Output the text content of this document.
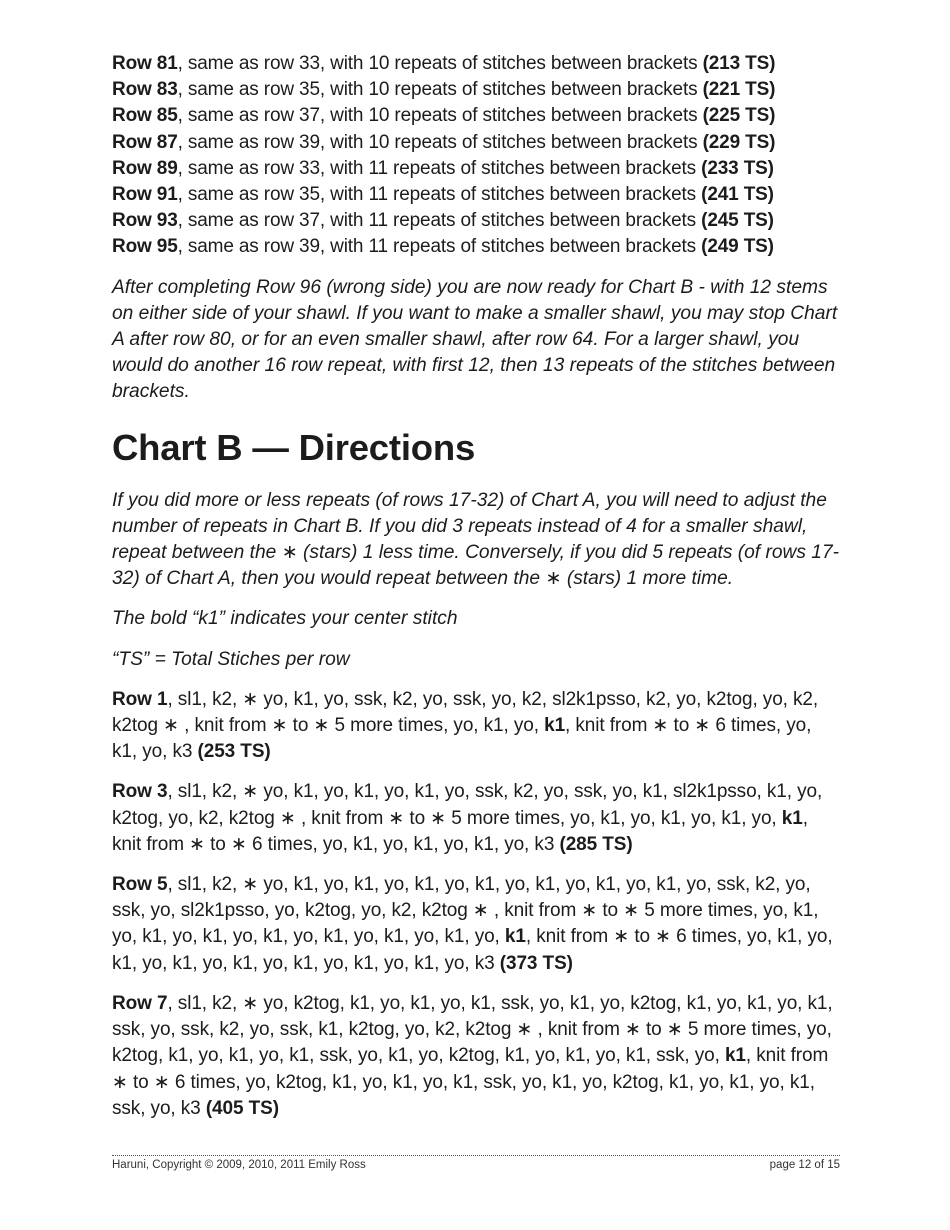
Row 81, same as row 33, with 10 repeats of stitches between brackets (213 TS)
Row 83, same as row 35, with 10 repeats of stitches between brackets (221 TS)
Row 85, same as row 37, with 10 repeats of stitches between brackets (225 TS)
Row 87, same as row 39, with 10 repeats of stitches between brackets (229 TS)
Row 89, same as row 33, with 11 repeats of stitches between brackets (233 TS)
Row 91, same as row 35, with 11 repeats of stitches between brackets (241 TS)
Row 93, same as row 37, with 11 repeats of stitches between brackets (245 TS)
Row 95, same as row 39, with 11 repeats of stitches between brackets (249 TS)

After completing Row 96 (wrong side) you are now ready for Chart B - with 12 stems on either side of your shawl. If you want to make a smaller shawl, you may stop Chart A after row 80, or for an even smaller shawl, after row 64. For a larger shawl, you would do another 16 row repeat, with first 12, then 13 repeats of the stitches between brackets.

Chart B — Directions

If you did more or less repeats (of rows 17-32) of Chart A, you will need to adjust the number of repeats in Chart B. If you did 3 repeats instead of 4 for a smaller shawl, repeat between the ∗ (stars) 1 less time. Conversely, if you did 5 repeats (of rows 17-32) of Chart A, then you would repeat between the ∗ (stars) 1 more time.

The bold “k1” indicates your center stitch

“TS” = Total Stiches per row

Row 1, sl1, k2, ∗ yo, k1, yo, ssk, k2, yo, ssk, yo, k2, sl2k1psso, k2, yo, k2tog, yo, k2, k2tog ∗ , knit from ∗ to ∗ 5 more times, yo, k1, yo, k1, knit from ∗ to ∗ 6 times, yo, k1, yo, k3 (253 TS)

Row 3, sl1, k2, ∗ yo, k1, yo, k1, yo, k1, yo, ssk, k2, yo, ssk, yo, k1, sl2k1psso, k1, yo, k2tog, yo, k2, k2tog ∗ , knit from ∗ to ∗ 5 more times, yo, k1, yo, k1, yo, k1, yo, k1, knit from ∗ to ∗ 6 times, yo, k1, yo, k1, yo, k1, yo, k3 (285 TS)

Row 5, sl1, k2, ∗ yo, k1, yo, k1, yo, k1, yo, k1, yo, k1, yo, k1, yo, k1, yo, ssk, k2, yo, ssk, yo, sl2k1psso, yo, k2tog, yo, k2, k2tog ∗ , knit from ∗ to ∗ 5 more times, yo, k1, yo, k1, yo, k1, yo, k1, yo, k1, yo, k1, yo, k1, yo, k1, knit from ∗ to ∗ 6 times, yo, k1, yo, k1, yo, k1, yo, k1, yo, k1, yo, k1, yo, k1, yo, k3 (373 TS)

Row 7, sl1, k2, ∗ yo, k2tog, k1, yo, k1, yo, k1, ssk, yo, k1, yo, k2tog, k1, yo, k1, yo, k1, ssk, yo, ssk, k2, yo, ssk, k1, k2tog, yo, k2, k2tog ∗ , knit from ∗ to ∗ 5 more times, yo, k2tog, k1, yo, k1, yo, k1, ssk, yo, k1, yo, k2tog, k1, yo, k1, yo, k1, ssk, yo, k1, knit from ∗ to ∗ 6 times, yo, k2tog, k1, yo, k1, yo, k1, ssk, yo, k1, yo, k2tog, k1, yo, k1, yo, k1, ssk, yo, k3 (405 TS)

Haruni, Copyright © 2009, 2010, 2011 Emily Ross	page 12 of 15
